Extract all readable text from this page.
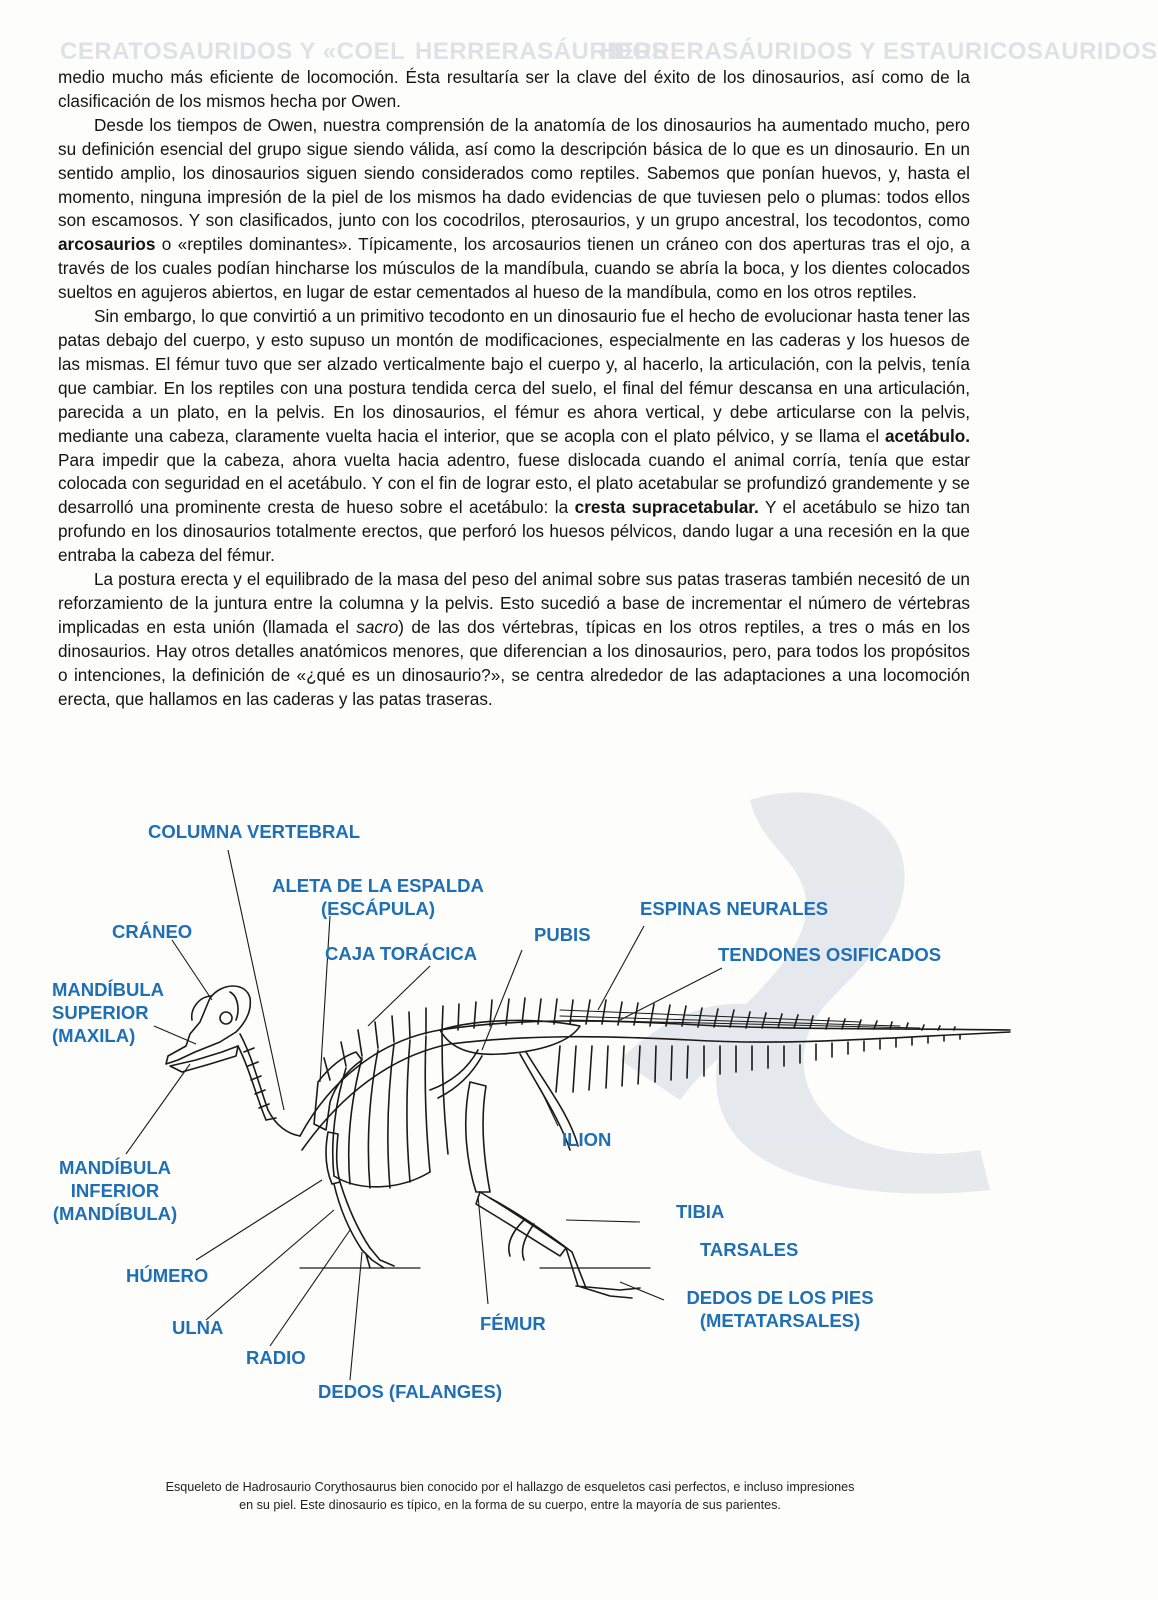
CERATOSAURIDOS Y «COEL HERRERASÁURIDOS
HERRERASÁURIDOS Y ESTAURICOSAURIDOS

medio mucho más eficiente de locomoción. Ésta resultaría ser la clave del éxito de los dinosaurios, así como de la clasificación de los mismos hecha por Owen.

Desde los tiempos de Owen, nuestra comprensión de la anatomía de los dinosaurios ha aumentado mucho, pero su definición esencial del grupo sigue siendo válida, así como la descripción básica de lo que es un dinosaurio. En un sentido amplio, los dinosaurios siguen siendo considerados como reptiles. Sabemos que ponían huevos, y, hasta el momento, ninguna impresión de la piel de los mismos ha dado evidencias de que tuviesen pelo o plumas: todos ellos son escamosos. Y son clasificados, junto con los cocodrilos, pterosaurios, y un grupo ancestral, los tecodontos, como arcosaurios o «reptiles dominantes». Típicamente, los arcosaurios tienen un cráneo con dos aperturas tras el ojo, a través de los cuales podían hincharse los músculos de la mandíbula, cuando se abría la boca, y los dientes colocados sueltos en agujeros abiertos, en lugar de estar cementados al hueso de la mandíbula, como en los otros reptiles.

Sin embargo, lo que convirtió a un primitivo tecodonto en un dinosaurio fue el hecho de evolucionar hasta tener las patas debajo del cuerpo, y esto supuso un montón de modificaciones, especialmente en las caderas y los huesos de las mismas. El fémur tuvo que ser alzado verticalmente bajo el cuerpo y, al hacerlo, la articulación, con la pelvis, tenía que cambiar. En los reptiles con una postura tendida cerca del suelo, el final del fémur descansa en una articulación, parecida a un plato, en la pelvis. En los dinosaurios, el fémur es ahora vertical, y debe articularse con la pelvis, mediante una cabeza, claramente vuelta hacia el interior, que se acopla con el plato pélvico, y se llama el acetábulo. Para impedir que la cabeza, ahora vuelta hacia adentro, fuese dislocada cuando el animal corría, tenía que estar colocada con seguridad en el acetábulo. Y con el fin de lograr esto, el plato acetabular se profundizó grandemente y se desarrolló una prominente cresta de hueso sobre el acetábulo: la cresta supracetabular. Y el acetábulo se hizo tan profundo en los dinosaurios totalmente erectos, que perforó los huesos pélvicos, dando lugar a una recesión en la que entraba la cabeza del fémur.

La postura erecta y el equilibrado de la masa del peso del animal sobre sus patas traseras también necesitó de un reforzamiento de la juntura entre la columna y la pelvis. Esto sucedió a base de incrementar el número de vértebras implicadas en esta unión (llamada el sacro) de las dos vértebras, típicas en los otros reptiles, a tres o más en los dinosaurios. Hay otros detalles anatómicos menores, que diferencian a los dinosaurios, pero, para todos los propósitos o intenciones, la definición de «¿qué es un dinosaurio?», se centra alrededor de las adaptaciones a una locomoción erecta, que hallamos en las caderas y las patas traseras.

COLUMNA VERTEBRAL
ALETA DE LA ESPALDA
(ESCÁPULA)
CRÁNEO
CAJA TORÁCICA
PUBIS
ESPINAS NEURALES
TENDONES OSIFICADOS
MANDÍBULA
SUPERIOR
(MAXILA)
ILION
MANDÍBULA
INFERIOR
(MANDÍBULA)	TIBIA
TARSALES
HÚMERO
DEDOS DE LOS PIES
(METATARSALES)
ULNA	FÉMUR
RADIO
DEDOS (FALANGES)
Esqueleto de Hadrosaurio Corythosaurus bien conocido por el hallazgo de esqueletos casi perfectos, e incluso impresiones
en su piel. Este dinosaurio es típico, en la forma de su cuerpo, entre la mayoría de sus parientes.
